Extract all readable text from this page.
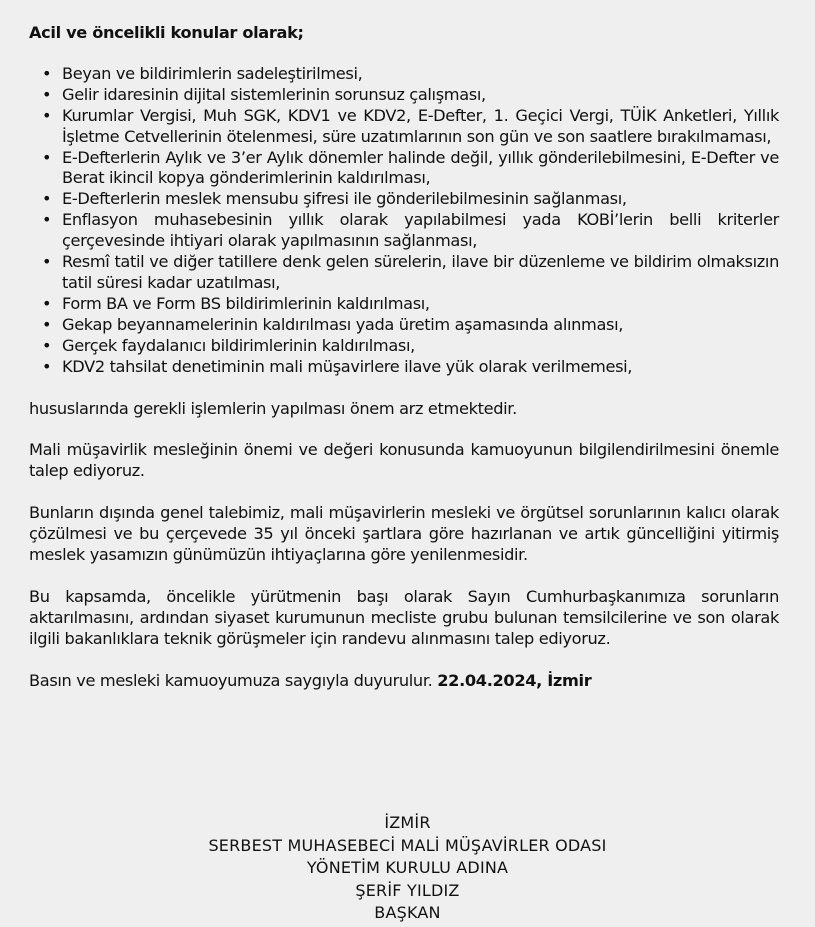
Acil ve öncelikli konular olarak;

• Beyan ve bildirimlerin sadeleştirilmesi,
• Gelir idaresinin dijital sistemlerinin sorunsuz çalışması,
• Kurumlar Vergisi, Muh SGK, KDV1 ve KDV2, E-Defter, 1. Geçici Vergi, TÜİK Anketleri, Yıllık İşletme Cetvellerinin ötelenmesi, süre uzatımlarının son gün ve son saatlere bırakılmaması,
• E-Defterlerin Aylık ve 3’er Aylık dönemler halinde değil, yıllık gönderilebilmesini, E-Defter ve Berat ikincil kopya gönderimlerinin kaldırılması,
• E-Defterlerin meslek mensubu şifresi ile gönderilebilmesinin sağlanması,
• Enflasyon muhasebesinin yıllık olarak yapılabilmesi yada KOBİ’lerin belli kriterler çerçevesinde ihtiyari olarak yapılmasının sağlanması,
• Resmî tatil ve diğer tatillere denk gelen sürelerin, ilave bir düzenleme ve bildirim olmaksızın tatil süresi kadar uzatılması,
• Form BA ve Form BS bildirimlerinin kaldırılması,
• Gekap beyannamelerinin kaldırılması yada üretim aşamasında alınması,
• Gerçek faydalanıcı bildirimlerinin kaldırılması,
• KDV2 tahsilat denetiminin mali müşavirlere ilave yük olarak verilmemesi,

hususlarında gerekli işlemlerin yapılması önem arz etmektedir.

Mali müşavirlik mesleğinin önemi ve değeri konusunda kamuoyunun bilgilendirilmesini önemle talep ediyoruz.

Bunların dışında genel talebimiz, mali müşavirlerin mesleki ve örgütsel sorunlarının kalıcı olarak çözülmesi ve bu çerçevede 35 yıl önceki şartlara göre hazırlanan ve artık güncelliğini yitirmiş meslek yasamızın günümüzün ihtiyaçlarına göre yenilenmesidir.

Bu kapsamda, öncelikle yürütmenin başı olarak Sayın Cumhurbaşkanımıza sorunların aktarılmasını, ardından siyaset kurumunun mecliste grubu bulunan temsilcilerine ve son olarak ilgili bakanlıklara teknik görüşmeler için randevu alınmasını talep ediyoruz.

Basın ve mesleki kamuoyumuza saygıyla duyurulur. 22.04.2024, İzmir

İZMİR
SERBEST MUHASEBECİ MALİ MÜŞAVİRLER ODASI
YÖNETİM KURULU ADINA
ŞERİF YILDIZ
BAŞKAN
